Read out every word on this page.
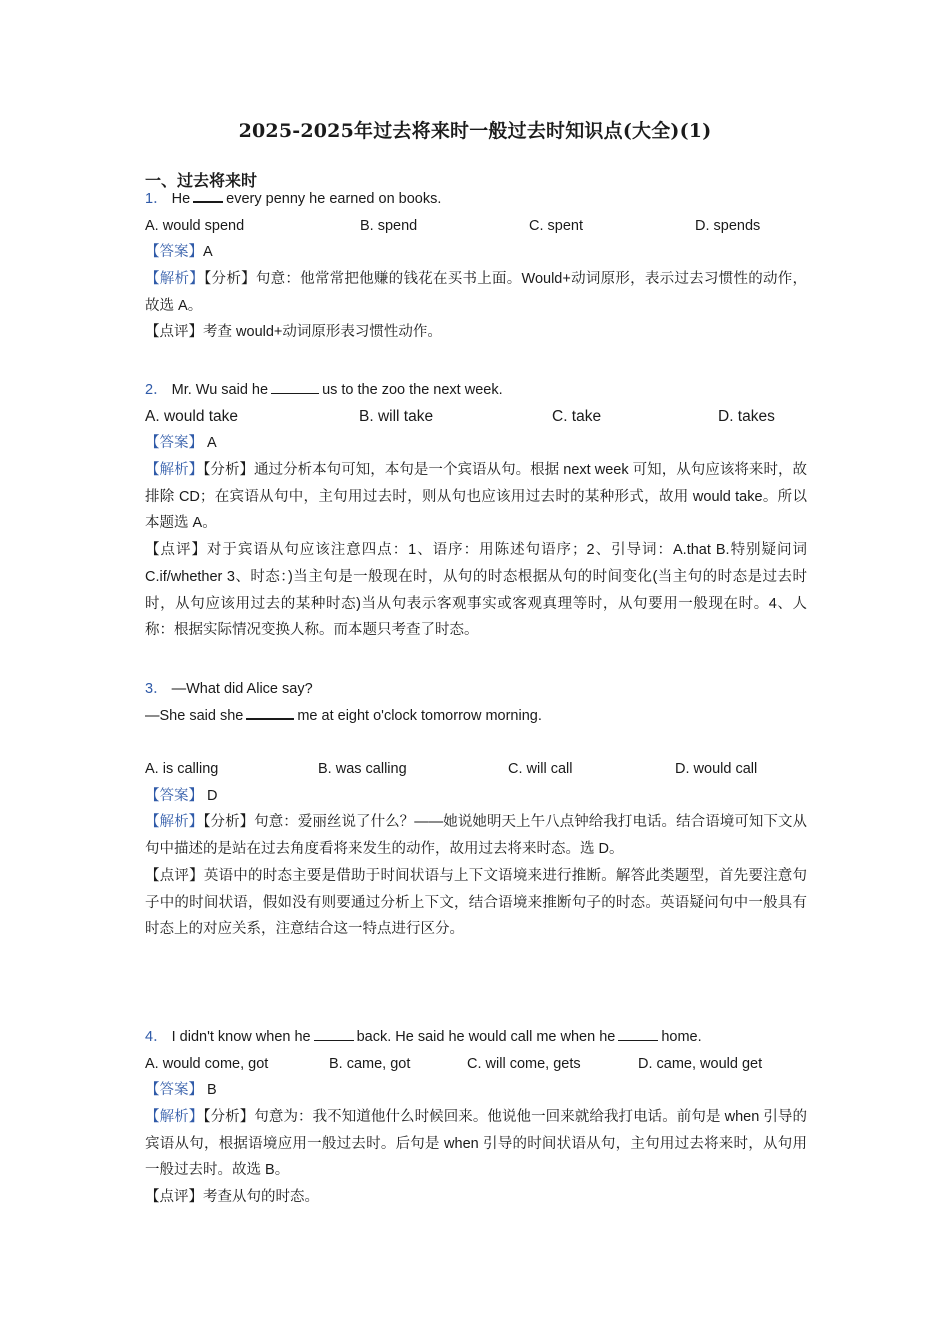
2025-2025年过去将来时一般过去时知识点(大全)(1)
一、过去将来时
1． He every penny he earned on books.
A. would spend	B. spend	C. spent	D. spends
【答案】A
【解析】【分析】句意：他常常把他赚的钱花在买书上面。Would+动词原形，表示过去习惯性的动作，故选 A。
【点评】考查 would+动词原形表习惯性动作。
2． Mr. Wu said he	us to the zoo the next week.
A. would take	B. will take	C. take	D. takes
【答案】 A
【解析】【分析】通过分析本句可知，本句是一个宾语从句。根据 next week 可知，从句应该将来时，故排除 CD；在宾语从句中，主句用过去时，则从句也应该用过去时的某种形式，故用 would take。所以本题选 A。
【点评】对于宾语从句应该注意四点：1、语序：用陈述句语序；2、引导词：A.that B.特别疑问词 C.if/whether 3、时态：)当主句是一般现在时，从句的时态根据从句的时间变化(当主句的时态是过去时时，从句应该用过去的某种时态)当从句表示客观事实或客观真理等时，从句要用一般现在时。4、人称：根据实际情况变换人称。而本题只考查了时态。
3． —What did Alice say?
—She said she	me at eight o'clock tomorrow morning.
A. is calling	B. was calling	C. will call	D. would call
【答案】 D
【解析】【分析】句意：爱丽丝说了什么？——她说她明天上午八点钟给我打电话。结合语境可知下文从句中描述的是站在过去角度看将来发生的动作，故用过去将来时态。选 D。
【点评】英语中的时态主要是借助于时间状语与上下文语境来进行推断。解答此类题型，首先要注意句子中的时间状语，假如没有则要通过分析上下文，结合语境来推断句子的时态。英语疑问句中一般具有时态上的对应关系，注意结合这一特点进行区分。
4． I didn't know when he	back. He said he would call me when he	home.
A. would come, got	B. came, got	C. will come, gets	D. came, would get
【答案】 B
【解析】【分析】句意为：我不知道他什么时候回来。他说他一回来就给我打电话。前句是 when 引导的宾语从句，根据语境应用一般过去时。后句是 when 引导的时间状语从句，主句用过去将来时，从句用一般过去时。故选 B。
【点评】考查从句的时态。
